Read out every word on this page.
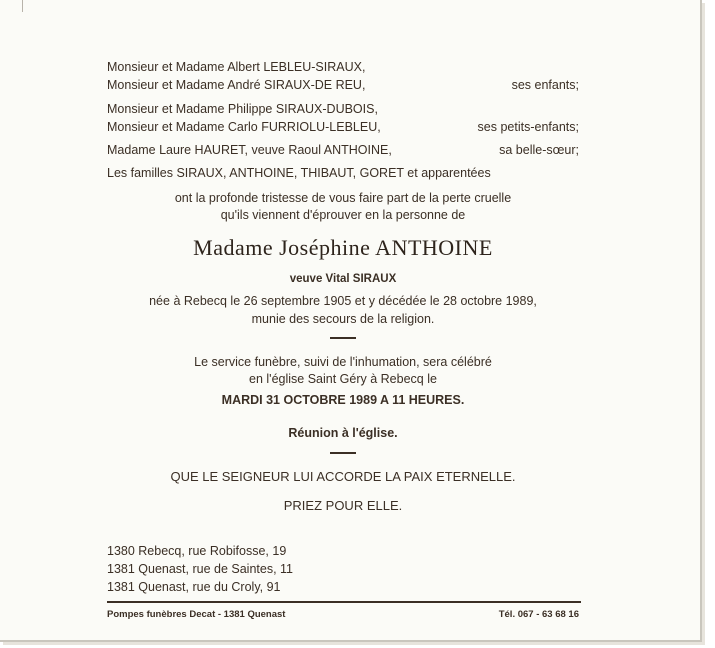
Monsieur et Madame Albert LEBLEU-SIRAUX,
Monsieur et Madame André SIRAUX-DE REU,	ses enfants;
Monsieur et Madame Philippe SIRAUX-DUBOIS,
Monsieur et Madame Carlo FURRIOLU-LEBLEU,	ses petits-enfants;
Madame Laure HAURET, veuve Raoul ANTHOINE,	sa belle-sœur;
Les familles SIRAUX, ANTHOINE, THIBAUT, GORET et apparentées
ont la profonde tristesse de vous faire part de la perte cruelle
qu'ils viennent d'éprouver en la personne de
Madame Joséphine ANTHOINE
veuve Vital SIRAUX
née à Rebecq le 26 septembre 1905 et y décédée le 28 octobre 1989,
munie des secours de la religion.
Le service funèbre, suivi de l'inhumation, sera célébré
en l'église Saint Géry à Rebecq le
MARDI 31 OCTOBRE 1989 A 11 HEURES.
Réunion à l'église.
QUE LE SEIGNEUR LUI ACCORDE LA PAIX ETERNELLE.
PRIEZ POUR ELLE.
1380 Rebecq, rue Robifosse, 19
1381 Quenast, rue de Saintes, 11
1381 Quenast, rue du Croly, 91
Pompes funèbres Decat - 1381 Quenast	Tél. 067 - 63 68 16
